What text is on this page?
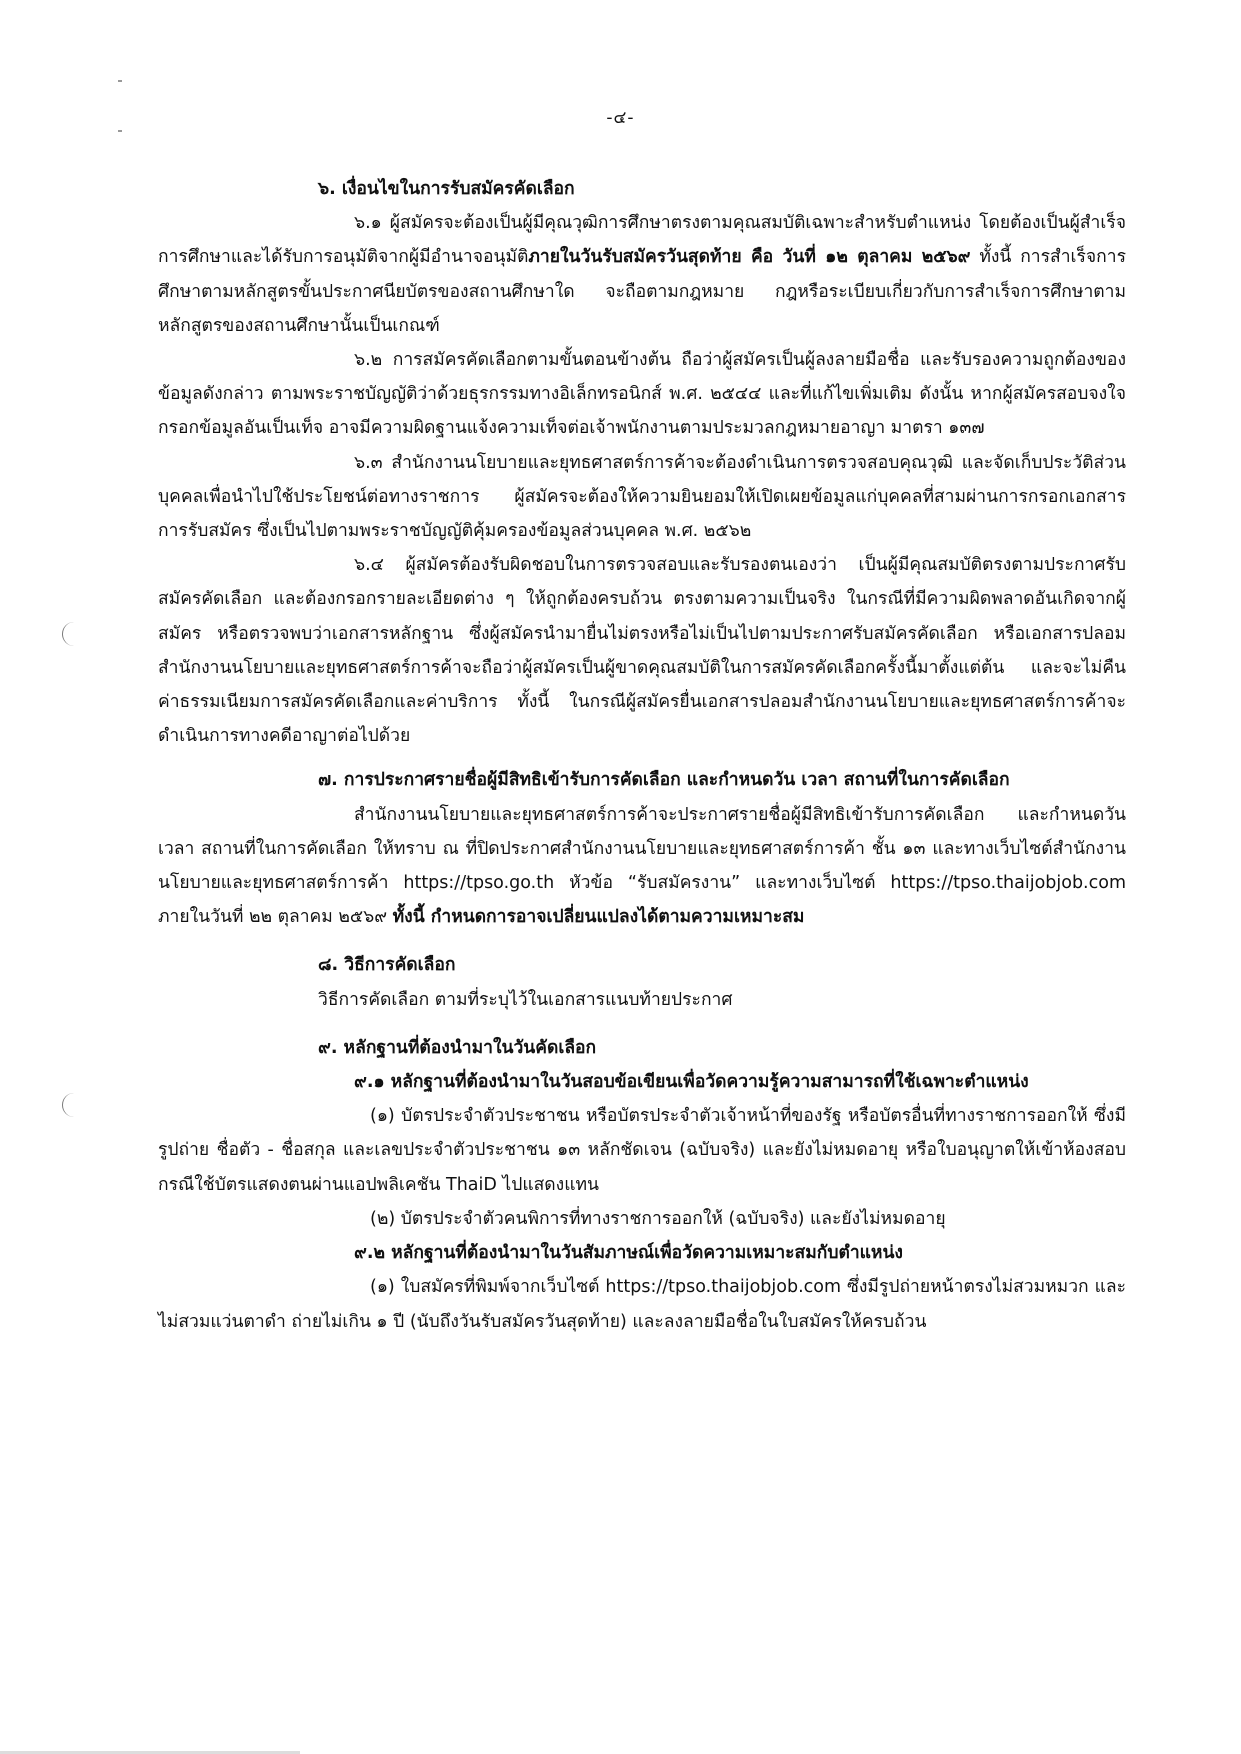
-๔-

๖. เงื่อนไขในการรับสมัครคัดเลือก

๖.๑ ผู้สมัครจะต้องเป็นผู้มีคุณวุฒิการศึกษาตรงตามคุณสมบัติเฉพาะสำหรับตำแหน่ง โดยต้องเป็นผู้สำเร็จการศึกษาและได้รับการอนุมัติจากผู้มีอำนาจอนุมัติภายในวันรับสมัครวันสุดท้าย คือ วันที่ ๑๒ ตุลาคม ๒๕๖๙ ทั้งนี้ การสำเร็จการศึกษาตามหลักสูตรขั้นประกาศนียบัตรของสถานศึกษาใด จะถือตามกฎหมาย กฎหรือระเบียบเกี่ยวกับการสำเร็จการศึกษาตามหลักสูตรของสถานศึกษานั้นเป็นเกณฑ์

๖.๒ การสมัครคัดเลือกตามขั้นตอนข้างต้น ถือว่าผู้สมัครเป็นผู้ลงลายมือชื่อ และรับรองความถูกต้องของข้อมูลดังกล่าว ตามพระราชบัญญัติว่าด้วยธุรกรรมทางอิเล็กทรอนิกส์ พ.ศ. ๒๕๔๔ และที่แก้ไขเพิ่มเติม ดังนั้น หากผู้สมัครสอบจงใจกรอกข้อมูลอันเป็นเท็จ อาจมีความผิดฐานแจ้งความเท็จต่อเจ้าพนักงานตามประมวลกฎหมายอาญา มาตรา ๑๓๗

๖.๓ สำนักงานนโยบายและยุทธศาสตร์การค้าจะต้องดำเนินการตรวจสอบคุณวุฒิ และจัดเก็บประวัติส่วนบุคคลเพื่อนำไปใช้ประโยชน์ต่อทางราชการ ผู้สมัครจะต้องให้ความยินยอมให้เปิดเผยข้อมูลแก่บุคคลที่สามผ่านการกรอกเอกสารการรับสมัคร ซึ่งเป็นไปตามพระราชบัญญัติคุ้มครองข้อมูลส่วนบุคคล พ.ศ. ๒๕๖๒

๖.๔ ผู้สมัครต้องรับผิดชอบในการตรวจสอบและรับรองตนเองว่า เป็นผู้มีคุณสมบัติตรงตามประกาศรับสมัครคัดเลือก และต้องกรอกรายละเอียดต่าง ๆ ให้ถูกต้องครบถ้วน ตรงตามความเป็นจริง ในกรณีที่มีความผิดพลาดอันเกิดจากผู้สมัคร หรือตรวจพบว่าเอกสารหลักฐาน ซึ่งผู้สมัครนำมายื่นไม่ตรงหรือไม่เป็นไปตามประกาศรับสมัครคัดเลือก หรือเอกสารปลอม สำนักงานนโยบายและยุทธศาสตร์การค้าจะถือว่าผู้สมัครเป็นผู้ขาดคุณสมบัติในการสมัครคัดเลือกครั้งนี้มาตั้งแต่ต้น และจะไม่คืนค่าธรรมเนียมการสมัครคัดเลือกและค่าบริการ ทั้งนี้ ในกรณีผู้สมัครยื่นเอกสารปลอมสำนักงานนโยบายและยุทธศาสตร์การค้าจะดำเนินการทางคดีอาญาต่อไปด้วย

๗. การประกาศรายชื่อผู้มีสิทธิเข้ารับการคัดเลือก และกำหนดวัน เวลา สถานที่ในการคัดเลือก

สำนักงานนโยบายและยุทธศาสตร์การค้าจะประกาศรายชื่อผู้มีสิทธิเข้ารับการคัดเลือก และกำหนดวัน เวลา สถานที่ในการคัดเลือก ให้ทราบ ณ ที่ปิดประกาศสำนักงานนโยบายและยุทธศาสตร์การค้า ชั้น ๑๓ และทางเว็บไซต์สำนักงานนโยบายและยุทธศาสตร์การค้า https://tpso.go.th หัวข้อ “รับสมัครงาน” และทางเว็บไซต์ https://tpso.thaijobjob.com ภายในวันที่ ๒๒ ตุลาคม ๒๕๖๙ ทั้งนี้ กำหนดการอาจเปลี่ยนแปลงได้ตามความเหมาะสม

๘. วิธีการคัดเลือก

วิธีการคัดเลือก ตามที่ระบุไว้ในเอกสารแนบท้ายประกาศ

๙. หลักฐานที่ต้องนำมาในวันคัดเลือก

๙.๑ หลักฐานที่ต้องนำมาในวันสอบข้อเขียนเพื่อวัดความรู้ความสามารถที่ใช้เฉพาะตำแหน่ง

(๑) บัตรประจำตัวประชาชน หรือบัตรประจำตัวเจ้าหน้าที่ของรัฐ หรือบัตรอื่นที่ทางราชการออกให้ ซึ่งมีรูปถ่าย ชื่อตัว - ชื่อสกุล และเลขประจำตัวประชาชน ๑๓ หลักชัดเจน (ฉบับจริง) และยังไม่หมดอายุ หรือใบอนุญาตให้เข้าห้องสอบกรณีใช้บัตรแสดงตนผ่านแอปพลิเคชัน ThaiD ไปแสดงแทน

(๒) บัตรประจำตัวคนพิการที่ทางราชการออกให้ (ฉบับจริง) และยังไม่หมดอายุ

๙.๒ หลักฐานที่ต้องนำมาในวันสัมภาษณ์เพื่อวัดความเหมาะสมกับตำแหน่ง

(๑) ใบสมัครที่พิมพ์จากเว็บไซต์ https://tpso.thaijobjob.com ซึ่งมีรูปถ่ายหน้าตรงไม่สวมหมวก และไม่สวมแว่นตาดำ ถ่ายไม่เกิน ๑ ปี (นับถึงวันรับสมัครวันสุดท้าย) และลงลายมือชื่อในใบสมัครให้ครบถ้วน
